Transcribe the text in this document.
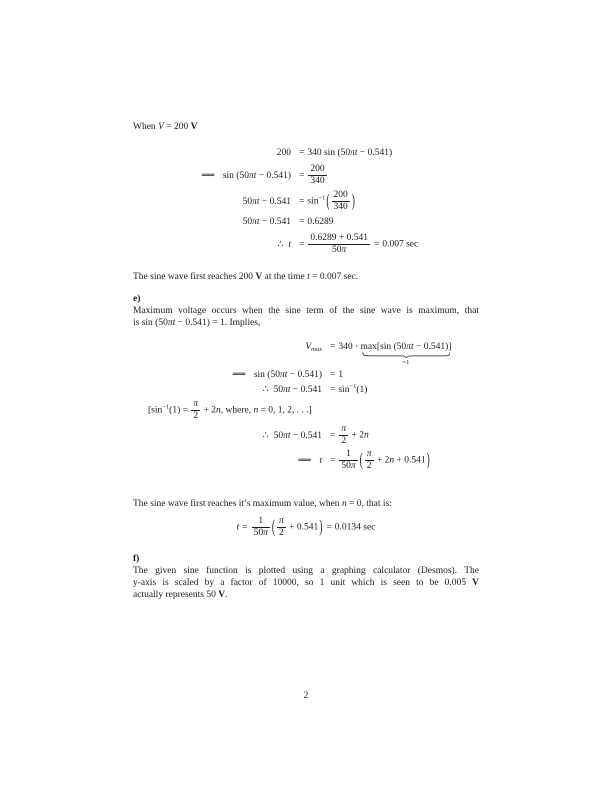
When V = 200 V

200 = 340 sin (50πt − 0.541)
⟹ $\sin (50\pi t - 0.541) = \frac{200}{340}$
$50\pi t - 0.541 = \sin^{-1}( \frac{200}{340}$ )
50πt − 0.541 = 0.6289
∴ $t = \frac{0.6289 + 0.541}{50\pi} = 0.007$ sec

The sine wave first reaches 200 V at the time t = 0.007 sec.

e)

Maximum voltage occurs when the sine term of the sine wave is maximum, that
is sin (50πt − 0.541) = 1. Implies,
$V_{max} = 340 \cdot \max[\sin$ (50πt − 0.541)]
=1
⟹ sin (50πt − 0.541) = 1
∴ $50\pi t - 0.541 = \sin^{-1}(1)$
[$\sin^{-1}(1) = \frac{\pi}{2} + 2n$, where, n = 0, 1, 2, . . .]
∴ $50\pi t - 0.541 = \frac{\pi}{2} + 2n$
⟹ $t = \frac{1}{50\pi}$ ( $\frac{\pi}{2} + 2n + 0.541$)

The sine wave first reaches it’s maximum value, when n = 0, that is:

$t = \frac{1}{50\pi}$ ( $\frac{\pi}{2} + 0.541) = 0.0134$ sec

f)

The given sine function is plotted using a graphing calculator (Desmos). The
y-axis is scaled by a factor of 10000, so 1 unit which is seen to be 0.005 V
actually represents 50 V.
2
